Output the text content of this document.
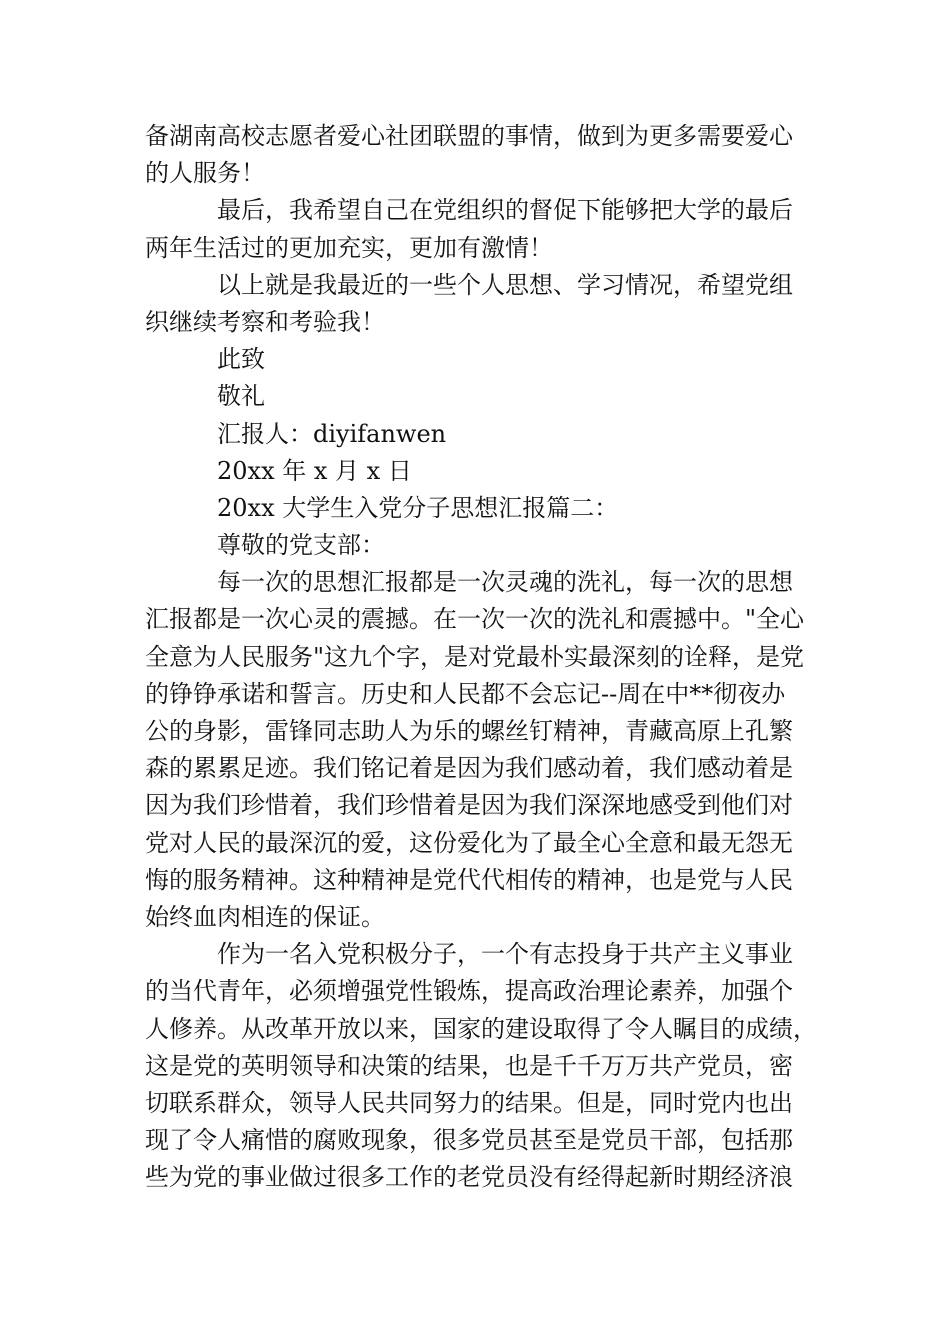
备湖南高校志愿者爱心社团联盟的事情，做到为更多需要爱心
的人服务！
最后，我希望自己在党组织的督促下能够把大学的最后
两年生活过的更加充实，更加有激情！
以上就是我最近的一些个人思想、学习情况，希望党组
织继续考察和考验我！
此致
敬礼
汇报人：diyifanwen
20xx 年 x 月 x 日
20xx 大学生入党分子思想汇报篇二：
尊敬的党支部：
每一次的思想汇报都是一次灵魂的洗礼，每一次的思想
汇报都是一次心灵的震撼。在一次一次的洗礼和震撼中。"全心
全意为人民服务"这九个字，是对党最朴实最深刻的诠释，是党
的铮铮承诺和誓言。历史和人民都不会忘记--周在中**彻夜办
公的身影，雷锋同志助人为乐的螺丝钉精神，青藏高原上孔繁
森的累累足迹。我们铭记着是因为我们感动着，我们感动着是
因为我们珍惜着，我们珍惜着是因为我们深深地感受到他们对
党对人民的最深沉的爱，这份爱化为了最全心全意和最无怨无
悔的服务精神。这种精神是党代代相传的精神，也是党与人民
始终血肉相连的保证。
作为一名入党积极分子，一个有志投身于共产主义事业
的当代青年，必须增强党性锻炼，提高政治理论素养，加强个
人修养。从改革开放以来，国家的建设取得了令人瞩目的成绩，
这是党的英明领导和决策的结果，也是千千万万共产党员，密
切联系群众，领导人民共同努力的结果。但是，同时党内也出
现了令人痛惜的腐败现象，很多党员甚至是党员干部，包括那
些为党的事业做过很多工作的老党员没有经得起新时期经济浪
